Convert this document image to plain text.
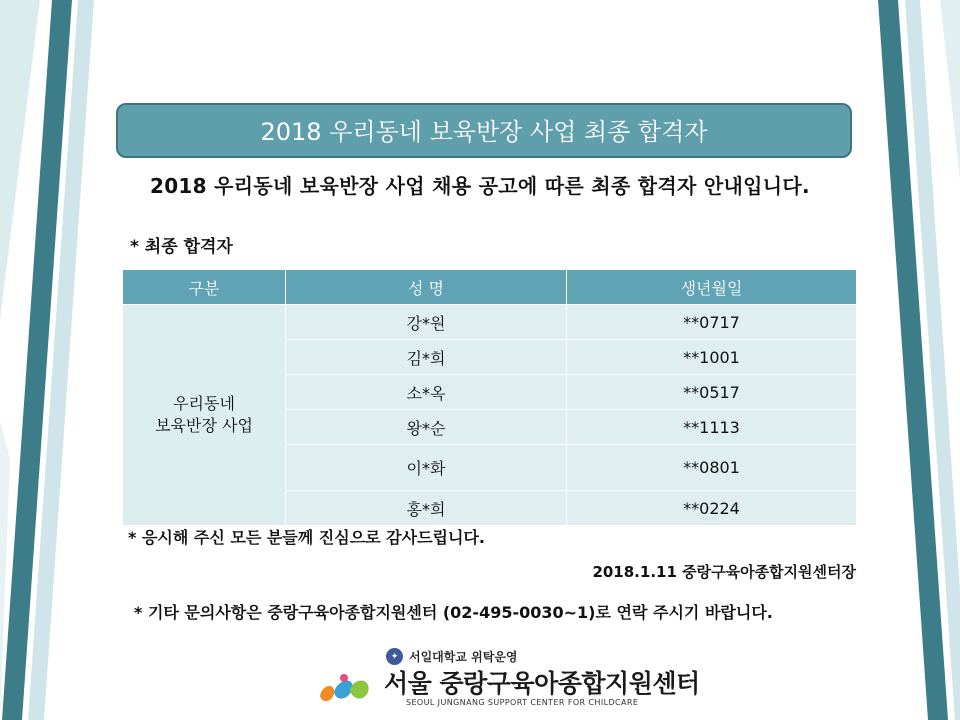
2018 우리동네 보육반장 사업 최종 합격자
2018 우리동네 보육반장 사업 채용 공고에 따른 최종 합격자 안내입니다.
* 최종 합격자
구분	성 명	생년월일

우리동네
보육반장 사업	강*원	**0717
	김*희	**1001
	소*옥	**0517
	왕*순	**1113
	이*화	**0801
	홍*희	**0224
* 응시해 주신 모든 분들께 진심으로 감사드립니다.
2018.1.11 중랑구육아종합지원센터장
* 기타 문의사항은 중랑구육아종합지원센터 (02-495-0030~1)로 연락 주시기 바랍니다.
✦ 서일대학교 위탁운영
서울 중랑구육아종합지원센터
SEOUL JUNGNANG SUPPORT CENTER FOR CHILDCARE
